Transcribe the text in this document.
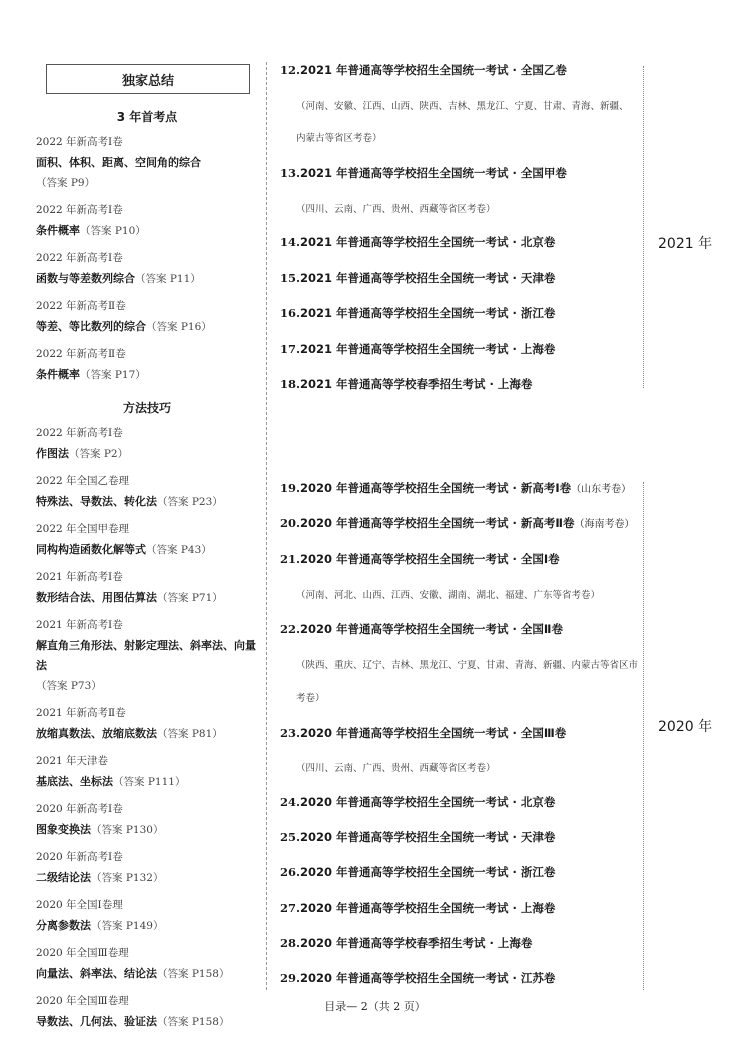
独家总结
3 年首考点
2022 年新高考Ⅰ卷
面积、体积、距离、空间角的综合（答案 P9）
2022 年新高考Ⅰ卷
条件概率（答案 P10）
2022 年新高考Ⅰ卷
函数与等差数列综合（答案 P11）
2022 年新高考Ⅱ卷
等差、等比数列的综合（答案 P16）
2022 年新高考Ⅱ卷
条件概率（答案 P17）
方法技巧
2022 年新高考Ⅰ卷
作图法（答案 P2）
2022 年全国乙卷理
特殊法、导数法、转化法（答案 P23）
2022 年全国甲卷理
同构构造函数化解等式（答案 P43）
2021 年新高考Ⅰ卷
数形结合法、用图估算法（答案 P71）
2021 年新高考Ⅰ卷
解直角三角形法、射影定理法、斜率法、向量法
（答案 P73）
2021 年新高考Ⅱ卷
放缩真数法、放缩底数法（答案 P81）
2021 年天津卷
基底法、坐标法（答案 P111）
2020 年新高考Ⅰ卷
图象变换法（答案 P130）
2020 年新高考Ⅰ卷
二级结论法（答案 P132）
2020 年全国Ⅰ卷理
分离参数法（答案 P149）
2020 年全国Ⅲ卷理
向量法、斜率法、结论法（答案 P158）
2020 年全国Ⅲ卷理
导数法、几何法、验证法（答案 P158）
2021 年
2020 年
12.2021 年普通高等学校招生全国统一考试 · 全国乙卷
（河南、安徽、江西、山西、陕西、吉林、黑龙江、宁夏、甘肃、青海、新疆、
内蒙古等省区考卷）
13.2021 年普通高等学校招生全国统一考试 · 全国甲卷
（四川、云南、广西、贵州、西藏等省区考卷）
14.2021 年普通高等学校招生全国统一考试 · 北京卷
15.2021 年普通高等学校招生全国统一考试 · 天津卷
16.2021 年普通高等学校招生全国统一考试 · 浙江卷
17.2021 年普通高等学校招生全国统一考试 · 上海卷
18.2021 年普通高等学校春季招生考试 · 上海卷
19.2020 年普通高等学校招生全国统一考试 · 新高考Ⅰ卷（山东考卷）
20.2020 年普通高等学校招生全国统一考试 · 新高考Ⅱ卷（海南考卷）
21.2020 年普通高等学校招生全国统一考试 · 全国Ⅰ卷
（河南、河北、山西、江西、安徽、湖南、湖北、福建、广东等省考卷）
22.2020 年普通高等学校招生全国统一考试 · 全国Ⅱ卷
（陕西、重庆、辽宁、吉林、黑龙江、宁夏、甘肃、青海、新疆、内蒙古等省区市
考卷）
23.2020 年普通高等学校招生全国统一考试 · 全国Ⅲ卷
（四川、云南、广西、贵州、西藏等省区考卷）
24.2020 年普通高等学校招生全国统一考试 · 北京卷
25.2020 年普通高等学校招生全国统一考试 · 天津卷
26.2020 年普通高等学校招生全国统一考试 · 浙江卷
27.2020 年普通高等学校招生全国统一考试 · 上海卷
28.2020 年普通高等学校春季招生考试 · 上海卷
29.2020 年普通高等学校招生全国统一考试 · 江苏卷
目录— 2（共 2 页）
